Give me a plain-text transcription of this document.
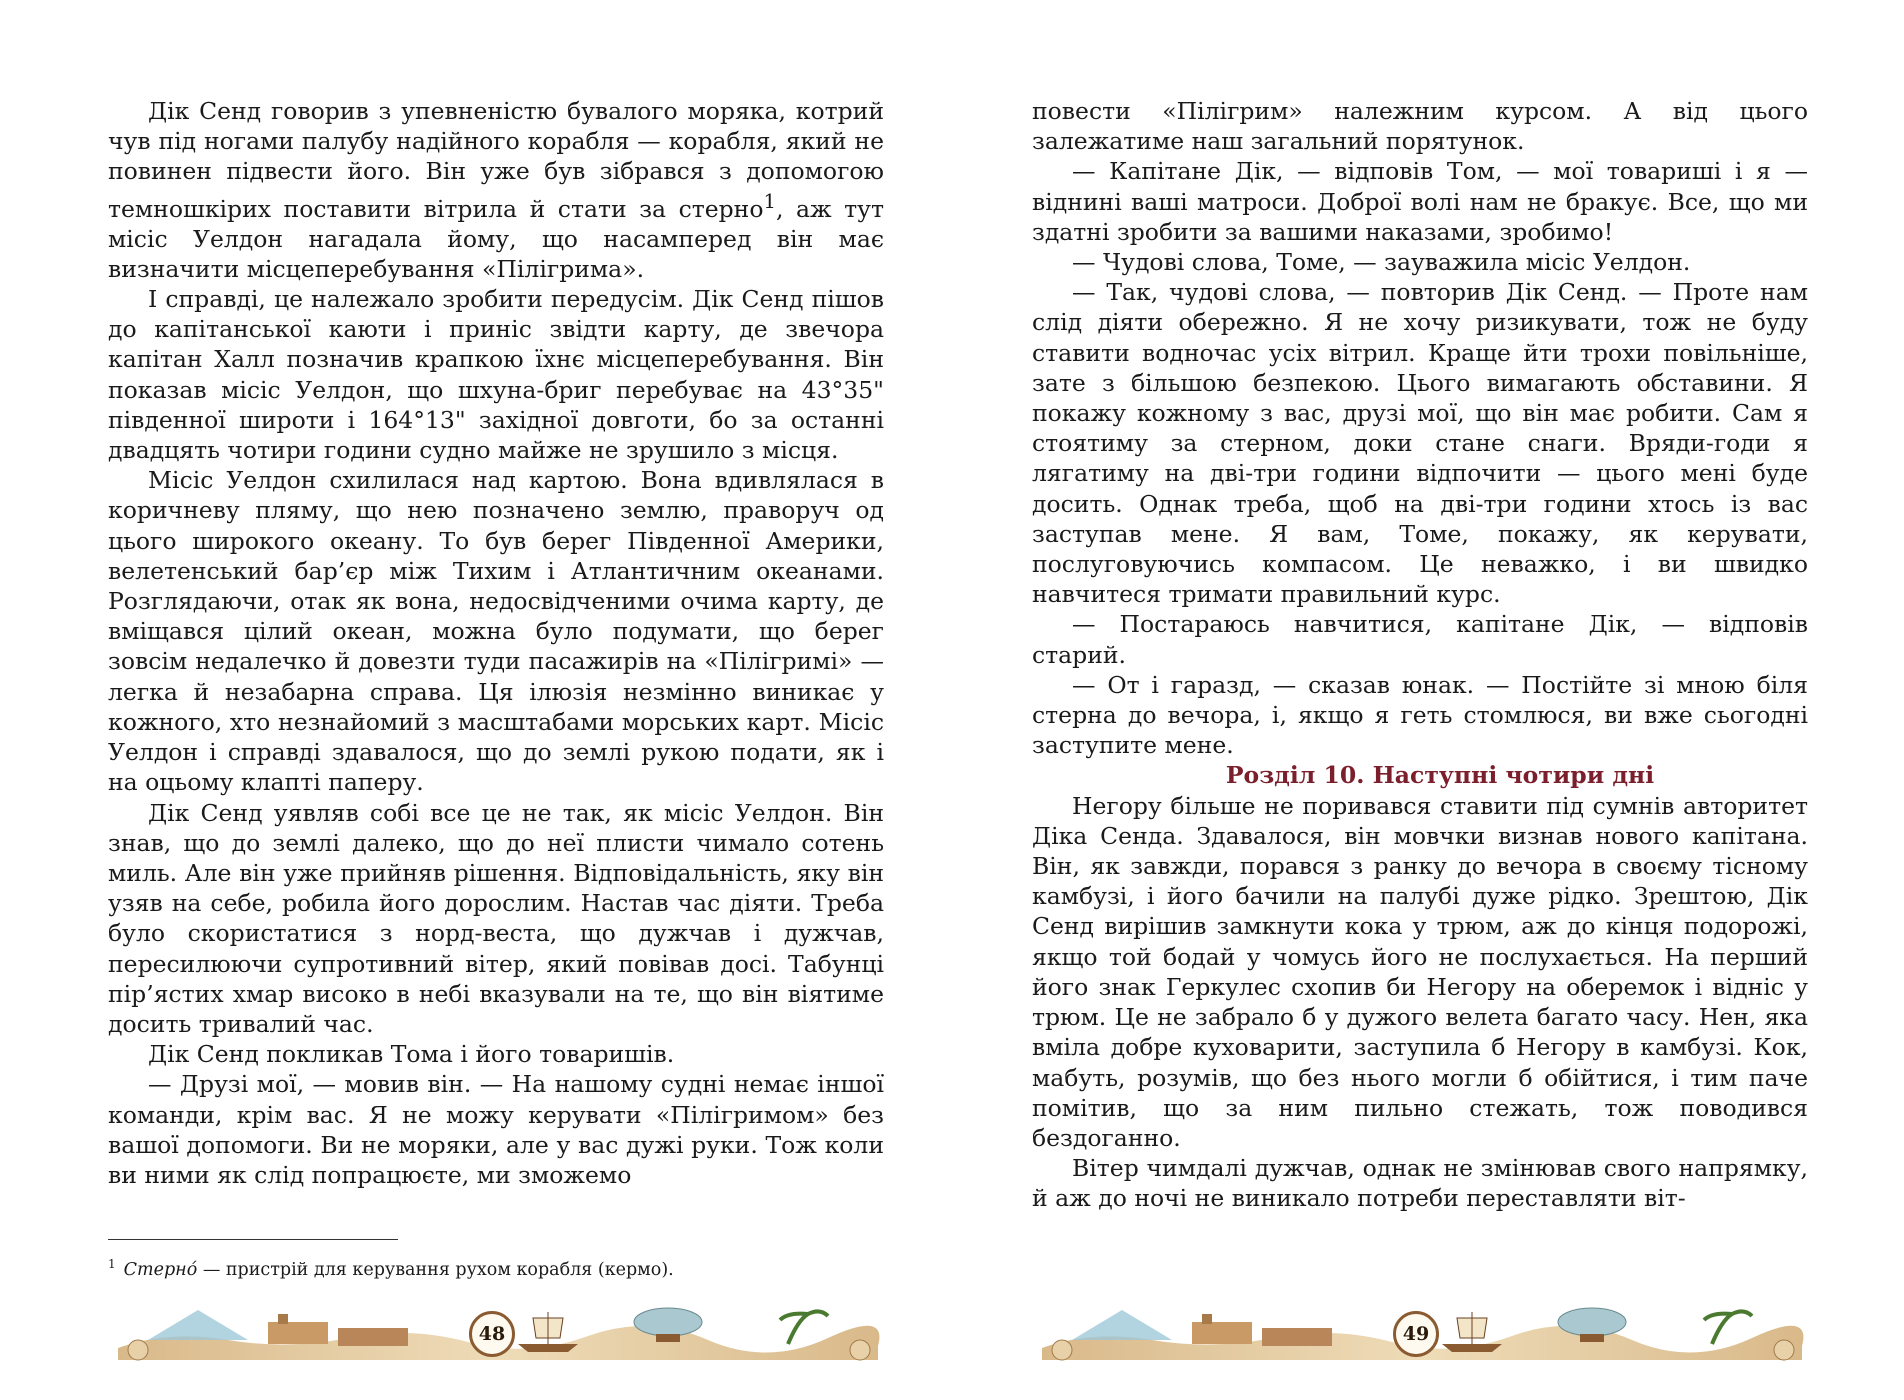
Дік Сенд говорив з упевненістю бувалого моряка, котрий чув під ногами палубу надійного корабля — корабля, який не повинен підвести його. Він уже був зібрався з допомогою темношкірих поставити вітрила й стати за стерно$^1$, аж тут місіс Уелдон нагадала йому, що насамперед він має визначити місцеперебування «Пілігрима».

І справді, це належало зробити передусім. Дік Сенд пішов до капітанської каюти і приніс звідти карту, де звечора капітан Халл позначив крапкою їхнє місцеперебування. Він показав місіс Уелдон, що шхуна-бриг перебуває на 43°35" південної широти і 164°13" західної довготи, бо за останні двадцять чотири години судно майже не зрушило з місця.

Місіс Уелдон схилилася над картою. Вона вдивлялася в коричневу пляму, що нею позначено землю, праворуч од цього широкого океану. То був берег Південної Америки, велетенський бар’єр між Тихим і Атлантичним океанами. Розглядаючи, отак як вона, недосвідченими очима карту, де вміщався цілий океан, можна було подумати, що берег зовсім недалечко й довезти туди пасажирів на «Пілігримі» — легка й незабарна справа. Ця ілюзія незмінно виникає у кожного, хто незнайомий з масштабами морських карт. Місіс Уелдон і справді здавалося, що до землі рукою подати, як і на оцьому клапті паперу.

Дік Сенд уявляв собі все це не так, як місіс Уелдон. Він знав, що до землі далеко, що до неї плисти чимало сотень миль. Але він уже прийняв рішення. Відповідальність, яку він узяв на себе, робила його дорослим. Настав час діяти. Треба було скористатися з норд-веста, що дужчав і дужчав, пересилюючи супротивний вітер, який повівав досі. Табунці пір’ястих хмар високо в небі вказували на те, що він віятиме досить тривалий час.

Дік Сенд покликав Тома і його товаришів.

— Друзі мої, — мовив він. — На нашому судні немає іншої команди, крім вас. Я не можу керувати «Пілігримом» без вашої допомоги. Ви не моряки, але у вас дужі руки. Тож коли ви ними як слід попрацюєте, ми зможемо

$^1$ Стерно́ — пристрій для керування рухом корабля (кермо).
48

повести «Пілігрим» належним курсом. А від цього залежатиме наш загальний порятунок.

— Капітане Дік, — відповів Том, — мої товариші і я — віднині ваші матроси. Доброї волі нам не бракує. Все, що ми здатні зробити за вашими наказами, зробимо!

— Чудові слова, Томе, — зауважила місіс Уелдон.

— Так, чудові слова, — повторив Дік Сенд. — Проте нам слід діяти обережно. Я не хочу ризикувати, тож не буду ставити водночас усіх вітрил. Краще йти трохи повільніше, зате з більшою безпекою. Цього вимагають обставини. Я покажу кожному з вас, друзі мої, що він має робити. Сам я стоятиму за стерном, доки стане снаги. Вряди-годи я лягатиму на дві-три години відпочити — цього мені буде досить. Однак треба, щоб на дві-три години хтось із вас заступав мене. Я вам, Томе, покажу, як керувати, послуговуючись компасом. Це неважко, і ви швидко навчитеся тримати правильний курс.

— Постараюсь навчитися, капітане Дік, — відповів старий.

— От і гаразд, — сказав юнак. — Постійте зі мною біля стерна до вечора, і, якщо я геть стомлюся, ви вже сьогодні заступите мене.

Розділ 10. Наступні чотири дні

Негору більше не поривався ставити під сумнів авторитет Діка Сенда. Здавалося, він мовчки визнав нового капітана. Він, як завжди, порався з ранку до вечора в своєму тісному камбузі, і його бачили на палубі дуже рідко. Зрештою, Дік Сенд вирішив замкнути кока у трюм, аж до кінця подорожі, якщо той бодай у чомусь його не послухається. На перший його знак Геркулес схопив би Негору на оберемок і відніс у трюм. Це не забрало б у дужого велета багато часу. Нен, яка вміла добре куховарити, заступила б Негору в камбузі. Кок, мабуть, розумів, що без нього могли б обійтися, і тим паче помітив, що за ним пильно стежать, тож поводився бездоганно.

Вітер чимдалі дужчав, однак не змінював свого напрямку, й аж до ночі не виникало потреби переставляти віт-

49
